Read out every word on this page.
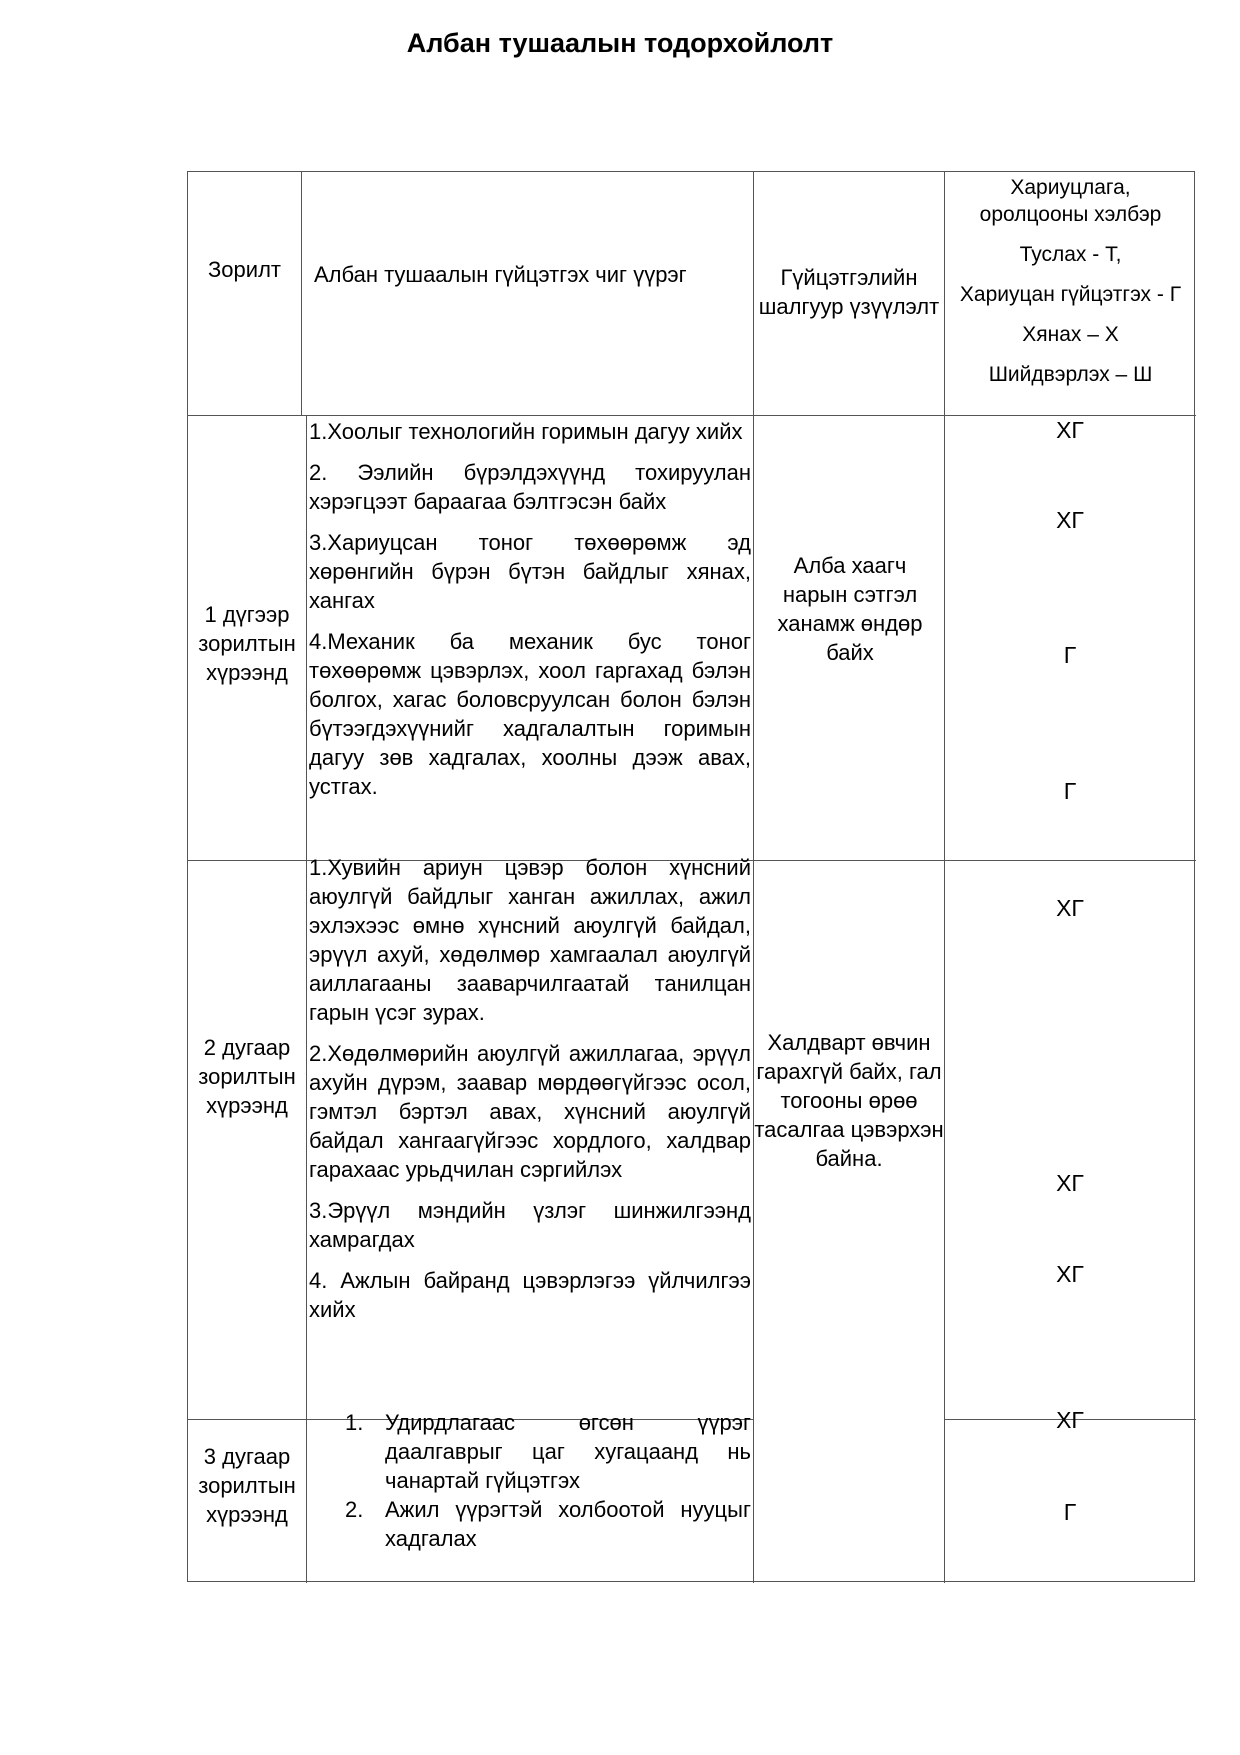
Албан тушаалын тодорхойлолт
Зорилт	Албан тушаалын гүйцэтгэх чиг үүрэг	Гүйцэтгэлийн шалгуур үзүүлэлт

Хариуцлага, оролцооны хэлбэр

Туслах - Т,

Хариуцан гүйцэтгэх - Г

Хянах – Х

Шийдвэрлэх – Ш

1 дүгээр зорилтын хүрээнд
1.Хоолыг технологийн горимын дагуу хийх
2. Ээлийн бүрэлдэхүүнд тохируулан хэрэгцээт бараагаа бэлтгэсэн байх
3.Хариуцсан тоног төхөөрөмж эд хөрөнгийн бүрэн бүтэн байдлыг хянах, хангах
4.Механик ба механик бус тоног төхөөрөмж цэвэрлэх, хоол гаргахад бэлэн болгох, хагас боловсруулсан болон бэлэн бүтээгдэхүүнийг хадгалалтын горимын дагуу зөв хадгалах, хоолны дээж авах, устгах.
Алба хаагч нарын сэтгэл ханамж өндөр байх
ХГ
ХГ
Г
Г
2 дугаар зорилтын хүрээнд
1.Хувийн ариун цэвэр болон хүнсний аюулгүй байдлыг ханган ажиллах, ажил эхлэхээс өмнө хүнсний аюулгүй байдал, эрүүл ахуй, хөдөлмөр хамгаалал аюулгүй аиллагааны зааварчилгаатай танилцан гарын үсэг зурах.
2.Хөдөлмөрийн аюулгүй ажиллагаа, эрүүл ахуйн дүрэм, заавар мөрдөөгүйгээс осол, гэмтэл бэртэл авах, хүнсний аюулгүй байдал хангаагүйгээс хордлого, халдвар гарахаас урьдчилан сэргийлэх
3.Эрүүл мэндийн үзлэг шинжилгээнд хамрагдах
4. Ажлын байранд цэвэрлэгээ үйлчилгээ хийх
Халдварт өвчин гарахгүй байх, гал тогооны өрөө тасалгаа цэвэрхэн байна.
ХГ
ХГ
ХГ
3 дугаар зорилтын хүрээнд
1. Удирдлагаас өгсөн үүрэг даалгаврыг цаг хугацаанд нь чанартай гүйцэтгэх
2. Ажил үүрэгтэй холбоотой нууцыг хадгалах
ХГ
Г
